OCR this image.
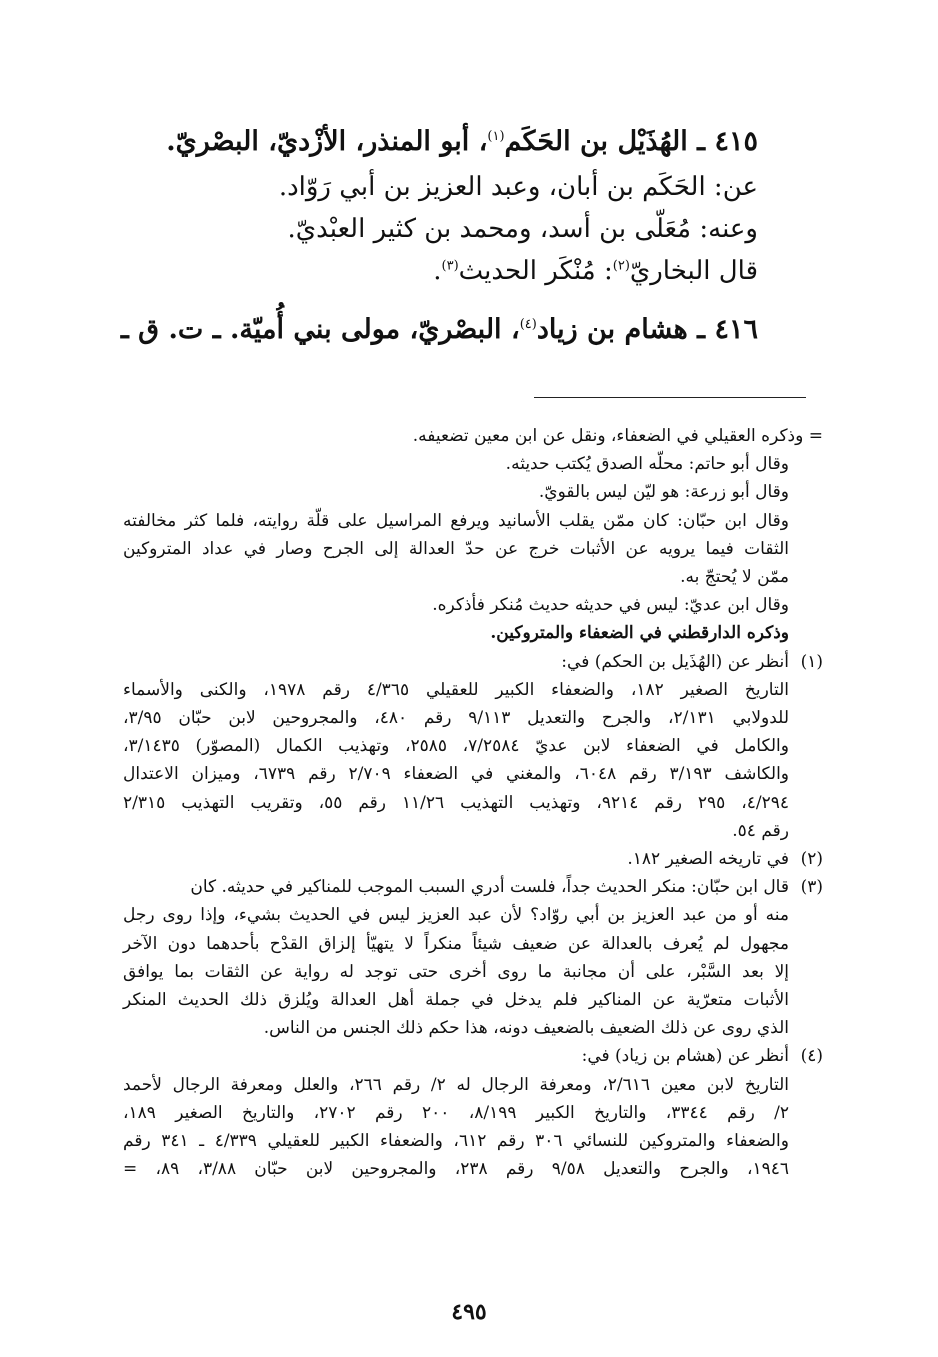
٤١٥ ـ الهُذَيْل بن الحَكَم$^{(١)}$، أبو المنذر، الأزْديّ، البصْريّ.
عن: الحَكَم بن أبان، وعبد العزيز بن أبي رَوّاد.
وعنه: مُعَلّى بن أسد، ومحمد بن كثير العبْديّ.
قال البخاريّ$^{(٢)}$: مُنْكَر الحديث$^{(٣)}$.
٤١٦ ـ هشام بن زياد$^{(٤)}$، البصْريّ، مولى بني أُميّة. ـ ت. ق ـ
= وذكره العقيلي في الضعفاء، ونقل عن ابن معين تضعيفه.
وقال أبو حاتم: محلّه الصدق يُكتب حديثه.
وقال أبو زرعة: هو ليّن ليس بالقويّ.
وقال ابن حبّان: كان ممّن يقلب الأسانيد ويرفع المراسيل على قلّة روايته، فلما كثر مخالفته
الثقات فيما يرويه عن الأثبات خرج عن حدّ العدالة إلى الجرح وصار في عداد المتروكين
ممّن لا يُحتجّ به.
وقال ابن عديّ: ليس في حديثه حديث مُنكر فأذكره.
وذكره الدارقطني في الضعفاء والمتروكين.
(١)أنظر عن (الهُذَيل بن الحكم) في:
التاريخ الصغير ١٨٢، والضعفاء الكبير للعقيلي ٤/٣٦٥ رقم ١٩٧٨، والكنى والأسماء
للدولابي ٢/١٣١، والجرح والتعديل ٩/١١٣ رقم ٤٨٠، والمجروحين لابن حبّان ٣/٩٥،
والكامل في الضعفاء لابن عديّ ٧/٢٥٨٤، ٢٥٨٥، وتهذيب الكمال (المصوّر) ٣/١٤٣٥،
والكاشف ٣/١٩٣ رقم ٦٠٤٨، والمغني في الضعفاء ٢/٧٠٩ رقم ٦٧٣٩، وميزان الاعتدال
٤/٢٩٤، ٢٩٥ رقم ٩٢١٤، وتهذيب التهذيب ١١/٢٦ رقم ٥٥، وتقريب التهذيب ٢/٣١٥
رقم ٥٤.
(٢)في تاريخه الصغير ١٨٢.
(٣)قال ابن حبّان: منكر الحديث جداً، فلست أدري السبب الموجب للمناكير في حديثه. كان
منه أو من عبد العزيز بن أبي روّاد؟ لأن عبد العزيز ليس في الحديث بشيء، وإذا روى رجل
مجهول لم يُعرف بالعدالة عن ضعيف شيئاً منكراً لا يتهيّأ إلزاق القدْح بأحدهما دون الآخر
إلا بعد السَّبْر، على أن مجانبة ما روى أخرى حتى توجد له رواية عن الثقات بما يوافق
الأثبات متعرّية عن المناكير فلم يدخل في جملة أهل العدالة ويُلزق ذلك الحديث المنكر
الذي روى عن ذلك الضعيف بالضعيف دونه، هذا حكم ذلك الجنس من الناس.
(٤)أنظر عن (هشام بن زياد) في:
التاريخ لابن معين ٢/٦١٦، ومعرفة الرجال له ٢/ رقم ٢٦٦، والعلل ومعرفة الرجال لأحمد
٢/ رقم ٣٣٤٤، والتاريخ الكبير ٨/١٩٩، ٢٠٠ رقم ٢٧٠٢، والتاريخ الصغير ١٨٩،
والضعفاء والمتروكين للنسائي ٣٠٦ رقم ٦١٢، والضعفاء الكبير للعقيلي ٤/٣٣٩ ـ ٣٤١ رقم
١٩٤٦، والجرح والتعديل ٩/٥٨ رقم ٢٣٨، والمجروحين لابن حبّان ٣/٨٨، ٨٩، =
٤٩٥
